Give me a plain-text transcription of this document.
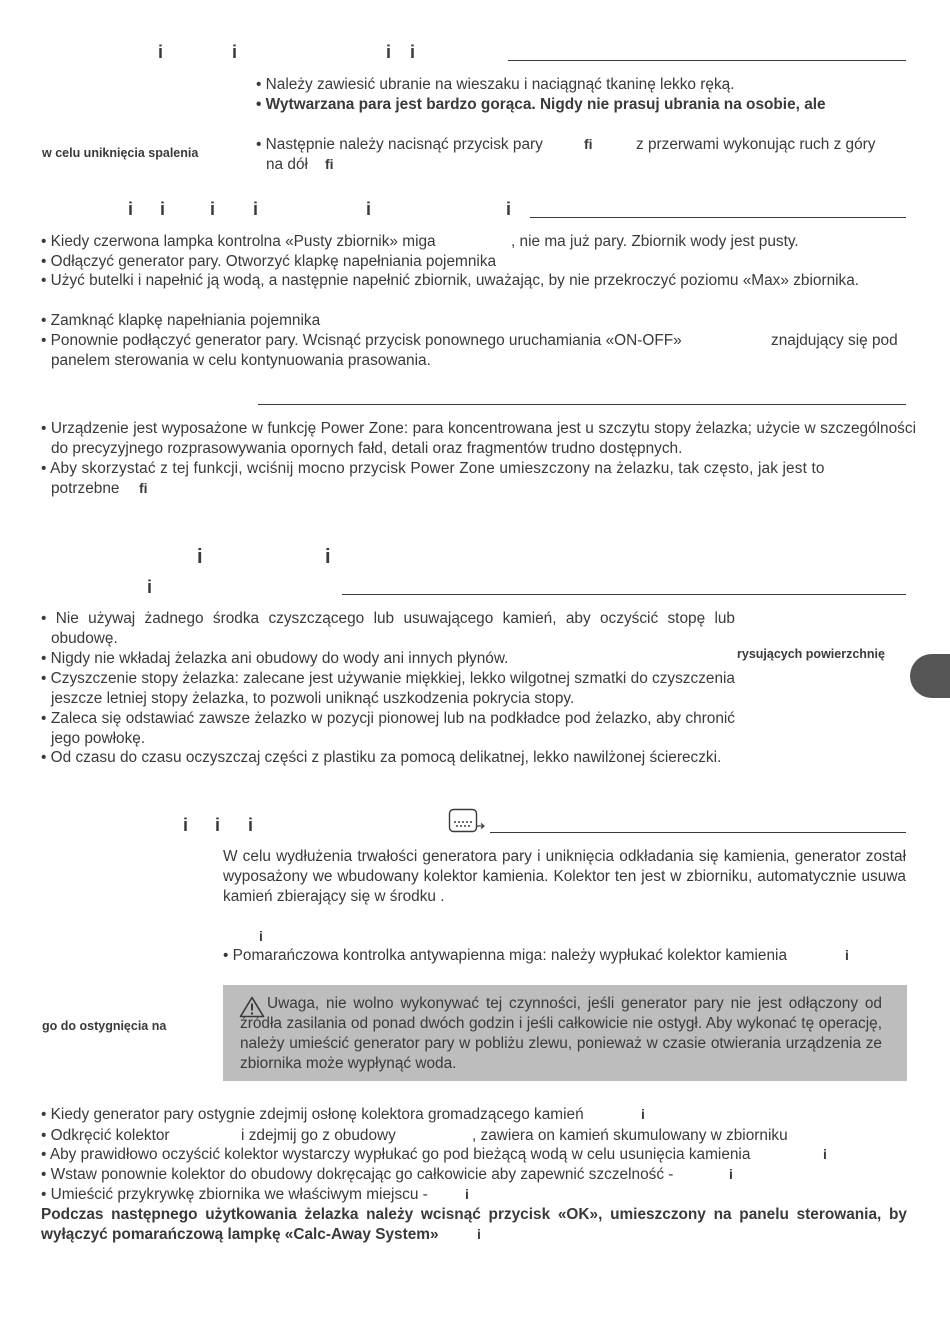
i	i	i i

• Należy zawiesić ubranie na wieszaku i naciągnąć tkaninę lekko ręką.

• Wytwarzana para jest bardzo gorąca. Nigdy nie prasuj ubrania na osobie, ale

w celu uniknięcia spalenia	• Następnie należy nacisnąć przycisk pary	fi	z przerwami wykonując ruch z góry

na dół fi
i i i i	i	i

• Kiedy czerwona lampka kontrolna «Pusty zbiornik» miga	, nie ma już pary. Zbiornik wody jest pusty.

• Odłączyć generator pary. Otworzyć klapkę napełniania pojemnika

• Użyć butelki i napełnić ją wodą, a następnie napełnić zbiornik, uważając, by nie przekroczyć poziomu «Max» zbiornika.

• Zamknąć klapkę napełniania pojemnika

• Ponownie podłączyć generator pary. Wcisnąć przycisk ponownego uruchamiania «ON-OFF»	znajdujący się pod

panelem sterowania w celu kontynuowania prasowania.

• Urządzenie jest wyposażone w funkcję Power Zone: para koncentrowana jest u szczytu stopy żelazka; użycie w szczególności do precyzyjnego rozprasowywania opornych fałd, detali oraz fragmentów trudno dostępnych.

• Aby skorzystać z tej funkcji, wciśnij mocno przycisk Power Zone umieszczony na żelazku, tak często, jak jest to

potrzebne fi
i	i
i

• Nie używaj żadnego środka czyszczącego lub usuwającego kamień, aby oczyścić stopę lub obudowę.

• Nigdy nie wkładaj żelazka ani obudowy do wody ani innych płynów.

• Czyszczenie stopy żelazka: zalecane jest używanie miękkiej, lekko wilgotnej szmatki do czyszczenia jeszcze letniej stopy żelazka, to pozwoli uniknąć uszkodzenia pokrycia stopy.

• Zaleca się odstawiać zawsze żelazko w pozycji pionowej lub na podkładce pod żelazko, aby chronić jego powłokę.

• Od czasu do czasu oczyszczaj części z plastiku za pomocą delikatnej, lekko nawilżonej ściereczki.

rysujących powierzchnię
i i i

W celu wydłużenia trwałości generatora pary i uniknięcia odkładania się kamienia, generator został wyposażony we wbudowany kolektor kamienia. Kolektor ten jest w zbiorniku, automatycznie usuwa kamień zbierający się w środku .

i

• Pomarańczowa kontrolka antywapienna miga: należy wypłukać kolektor kamienia	i
go do ostygnięcia na

Uwaga, nie wolno wykonywać tej czynności, jeśli generator pary nie jest odłączony od źródła zasilania od ponad dwóch godzin i jeśli całkowicie nie ostygł. Aby wykonać tę operację, należy umieścić generator pary w pobliżu zlewu, ponieważ w czasie otwierania urządzenia ze zbiornika może wypłynąć woda.

• Kiedy generator pary ostygnie zdejmij osłonę kolektora gromadzącego kamień	i

• Odkręcić kolektor	i zdejmij go z obudowy	, zawiera on kamień skumulowany w zbiorniku

• Aby prawidłowo oczyścić kolektor wystarczy wypłukać go pod bieżącą wodą w celu usunięcia kamienia	i

• Wstaw ponownie kolektor do obudowy dokręcając go całkowicie aby zapewnić szczelność -	i

• Umieścić przykrywkę zbiornika we właściwym miejscu -	i

Podczas następnego użytkowania żelazka należy wcisnąć przycisk «OK», umieszczony na panelu sterowania, by wyłączyć pomarańczową lampkę «Calc-Away System»	i
